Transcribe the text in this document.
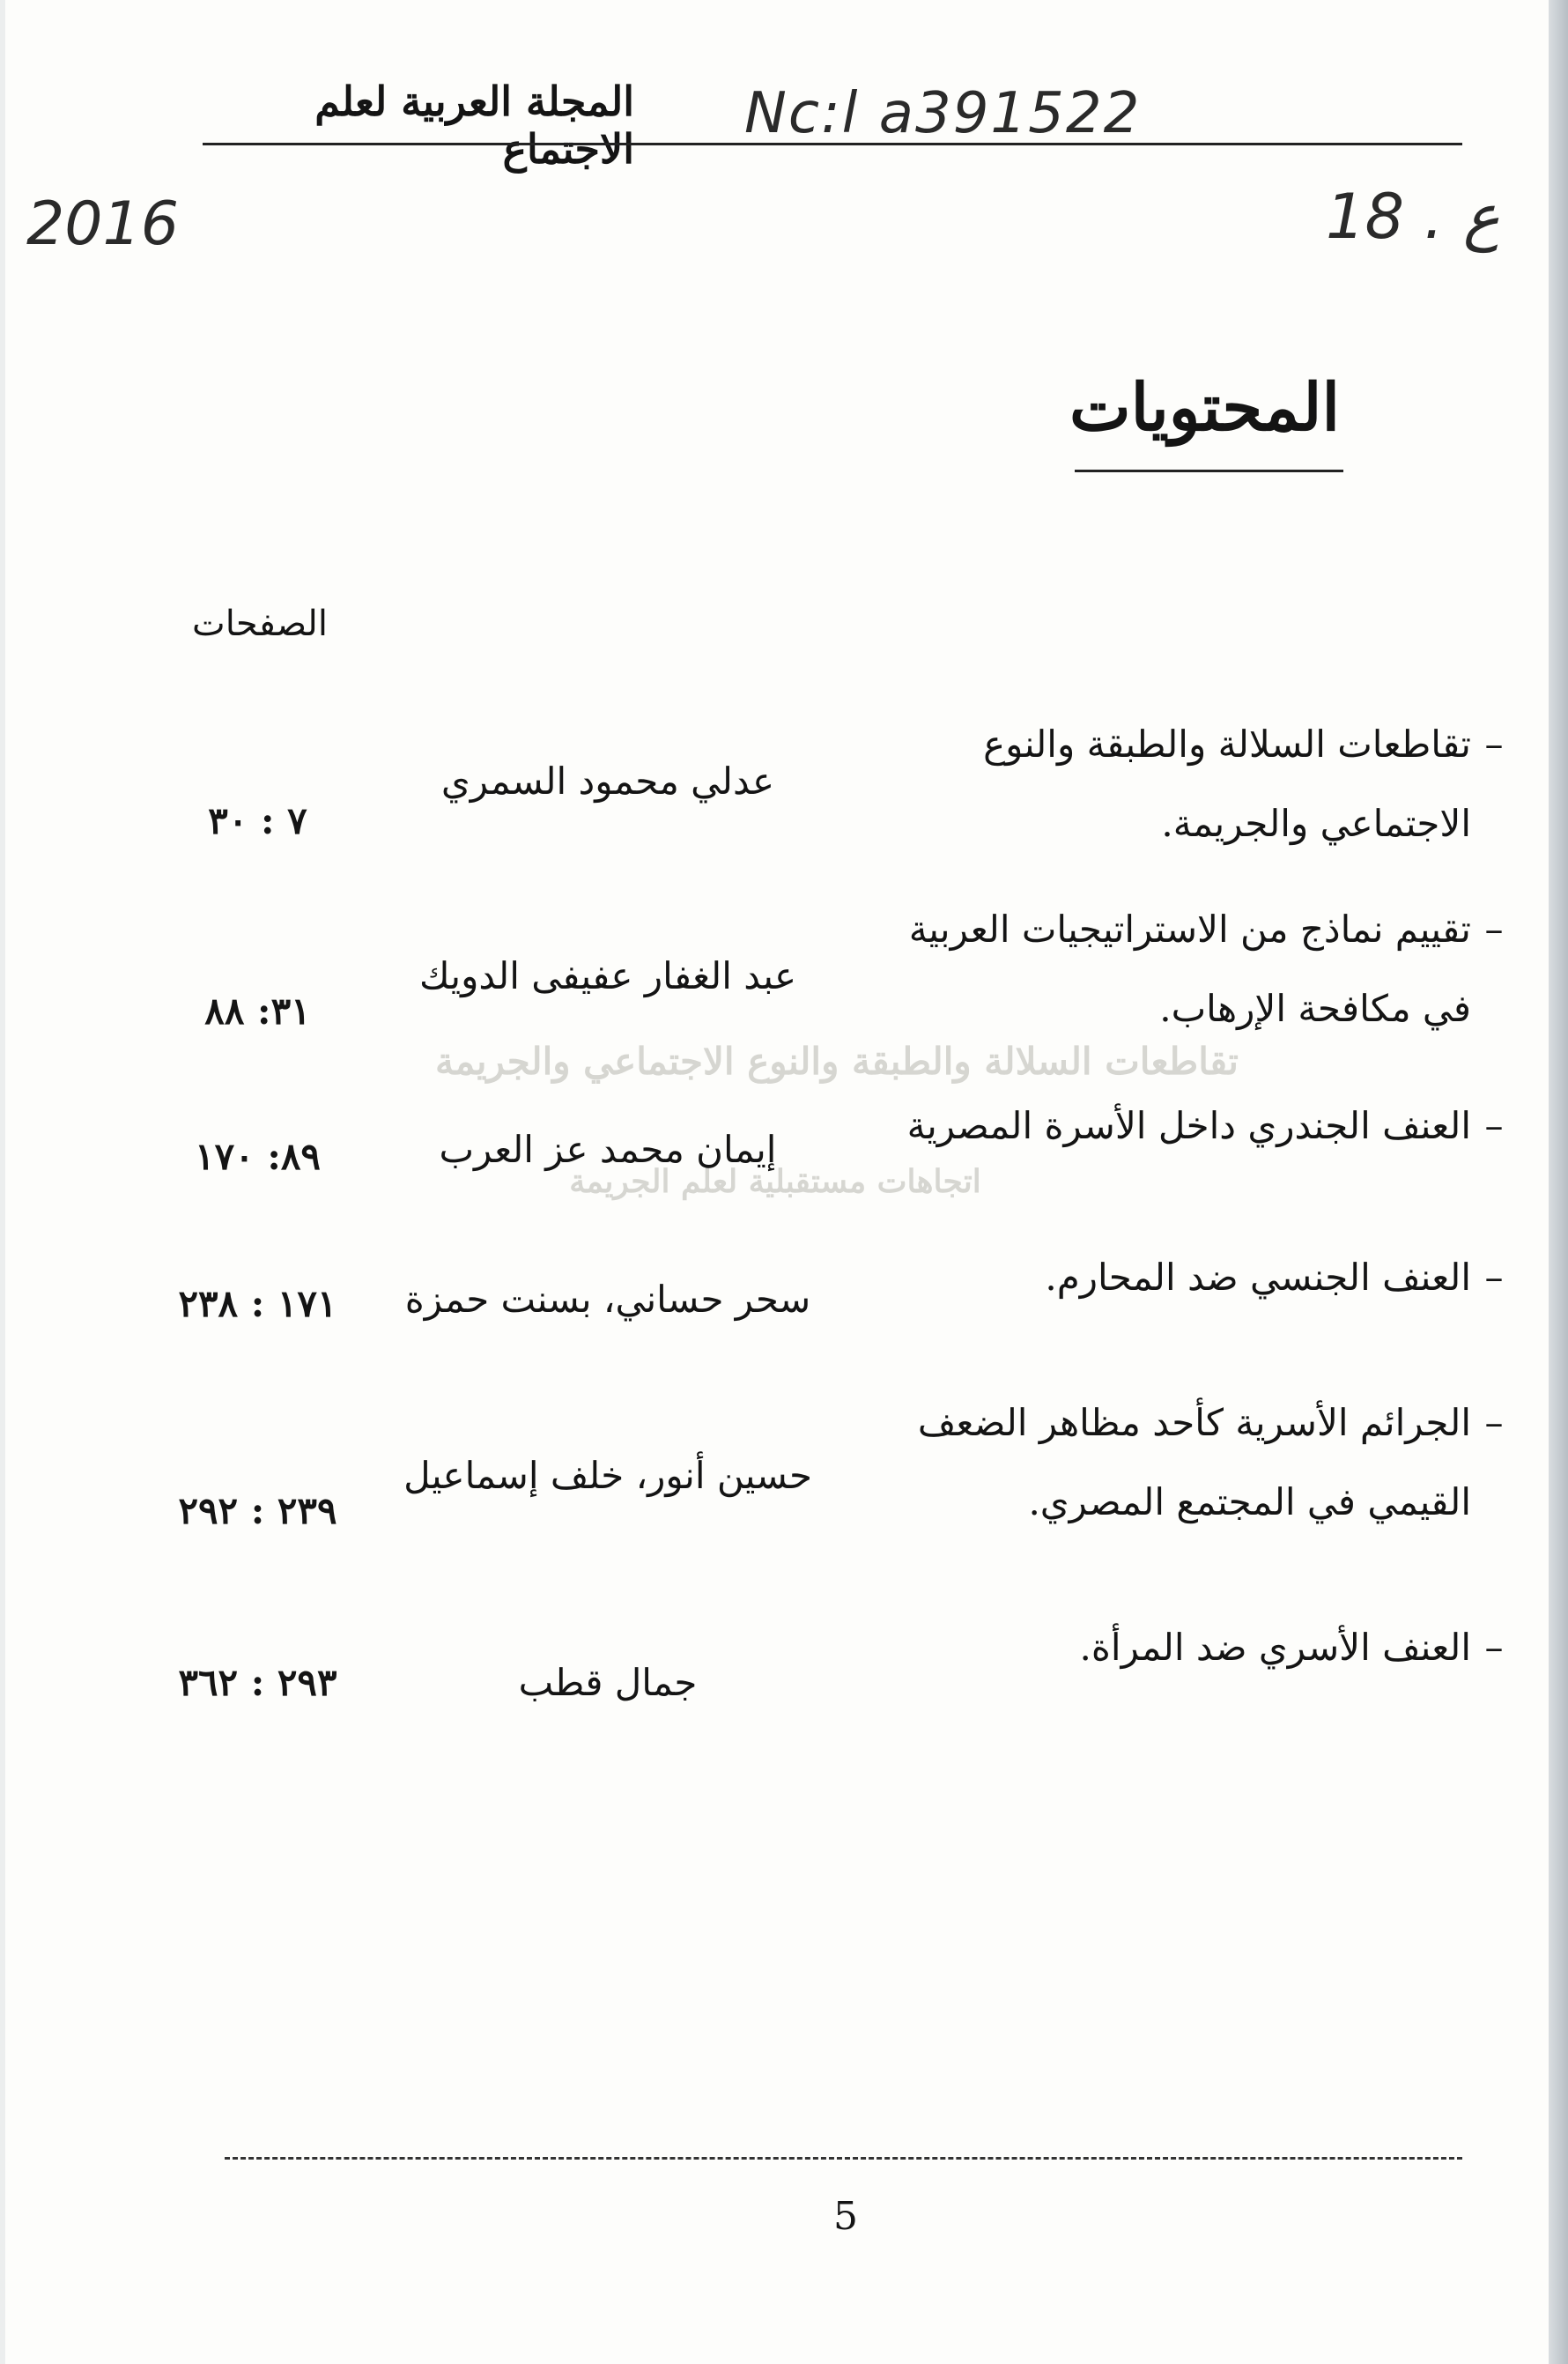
المجلة العربية لعلم الاجتماع
Nc:l a391522
2016	18 . ع
تقاطعات السلالة والطبقة والنوع الاجتماعي والجريمة
اتجاهات مستقبلية لعلم الجريمة
المحتويات
الصفحات
–
تقاطعات السلالة والطبقة والنوع الاجتماعي والجريمة.
عدلي محمود السمري
٧ : ٣٠
–
تقييم نماذج من الاستراتيجيات العربية في مكافحة الإرهاب.
عبد الغفار عفيفى الدويك
٣١: ٨٨
–
العنف الجندري داخل الأسرة المصرية
إيمان محمد عز العرب
٨٩: ١٧٠
–
العنف الجنسي ضد المحارم.
سحر حساني، بسنت حمزة
١٧١ : ٢٣٨
–
الجرائم الأسرية كأحد مظاهر الضعف القيمي في المجتمع المصري.
حسين أنور، خلف إسماعيل
٢٣٩ : ٢٩٢
–
العنف الأسري ضد المرأة.
جمال قطب
٢٩٣ : ٣٦٢
5
